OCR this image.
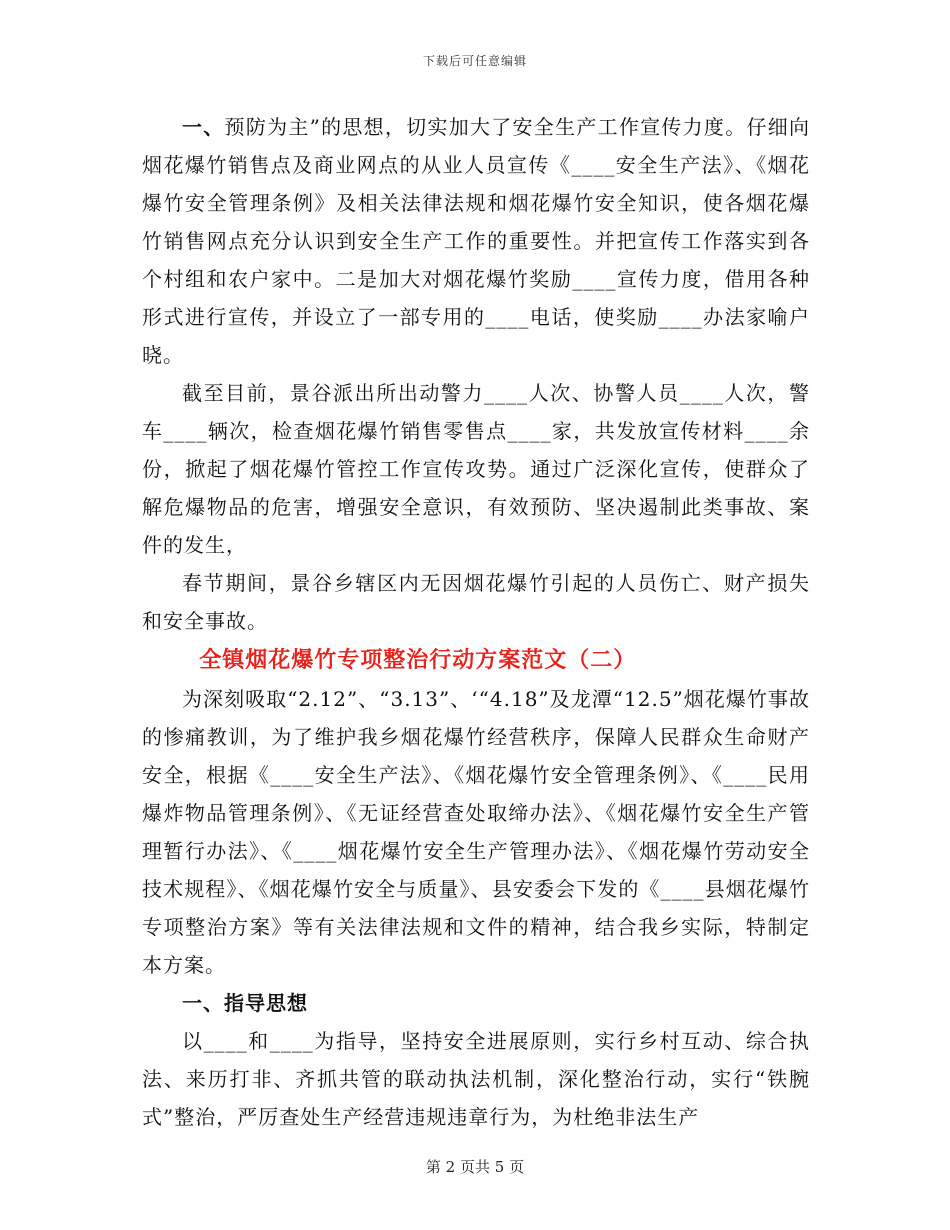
下载后可任意编辑

一、预防为主”的思想，切实加大了安全生产工作宣传力度。仔细向烟花爆竹销售点及商业网点的从业人员宣传《____安全生产法》、《烟花爆竹安全管理条例》及相关法律法规和烟花爆竹安全知识，使各烟花爆竹销售网点充分认识到安全生产工作的重要性。并把宣传工作落实到各个村组和农户家中。二是加大对烟花爆竹奖励____宣传力度，借用各种形式进行宣传，并设立了一部专用的____电话，使奖励____办法家喻户晓。

截至目前，景谷派出所出动警力____人次、协警人员____人次，警车____辆次，检查烟花爆竹销售零售点____家，共发放宣传材料____余份，掀起了烟花爆竹管控工作宣传攻势。通过广泛深化宣传，使群众了解危爆物品的危害，增强安全意识，有效预防、坚决遏制此类事故、案件的发生，

春节期间，景谷乡辖区内无因烟花爆竹引起的人员伤亡、财产损失和安全事故。

全镇烟花爆竹专项整治行动方案范文（二）

为深刻吸取“2.12”、“3.13”、‘“4.18”及龙潭“12.5”烟花爆竹事故的惨痛教训，为了维护我乡烟花爆竹经营秩序，保障人民群众生命财产安全，根据《____安全生产法》、《烟花爆竹安全管理条例》、《____民用爆炸物品管理条例》、《无证经营查处取缔办法》、《烟花爆竹安全生产管理暂行办法》、《____烟花爆竹安全生产管理办法》、《烟花爆竹劳动安全技术规程》、《烟花爆竹安全与质量》、县安委会下发的《____县烟花爆竹专项整治方案》等有关法律法规和文件的精神，结合我乡实际，特制定本方案。

一、指导思想

以____和____为指导，坚持安全进展原则，实行乡村互动、综合执法、来历打非、齐抓共管的联动执法机制，深化整治行动，实行“铁腕式”整治，严厉查处生产经营违规违章行为，为杜绝非法生产

第 2 页共 5 页
